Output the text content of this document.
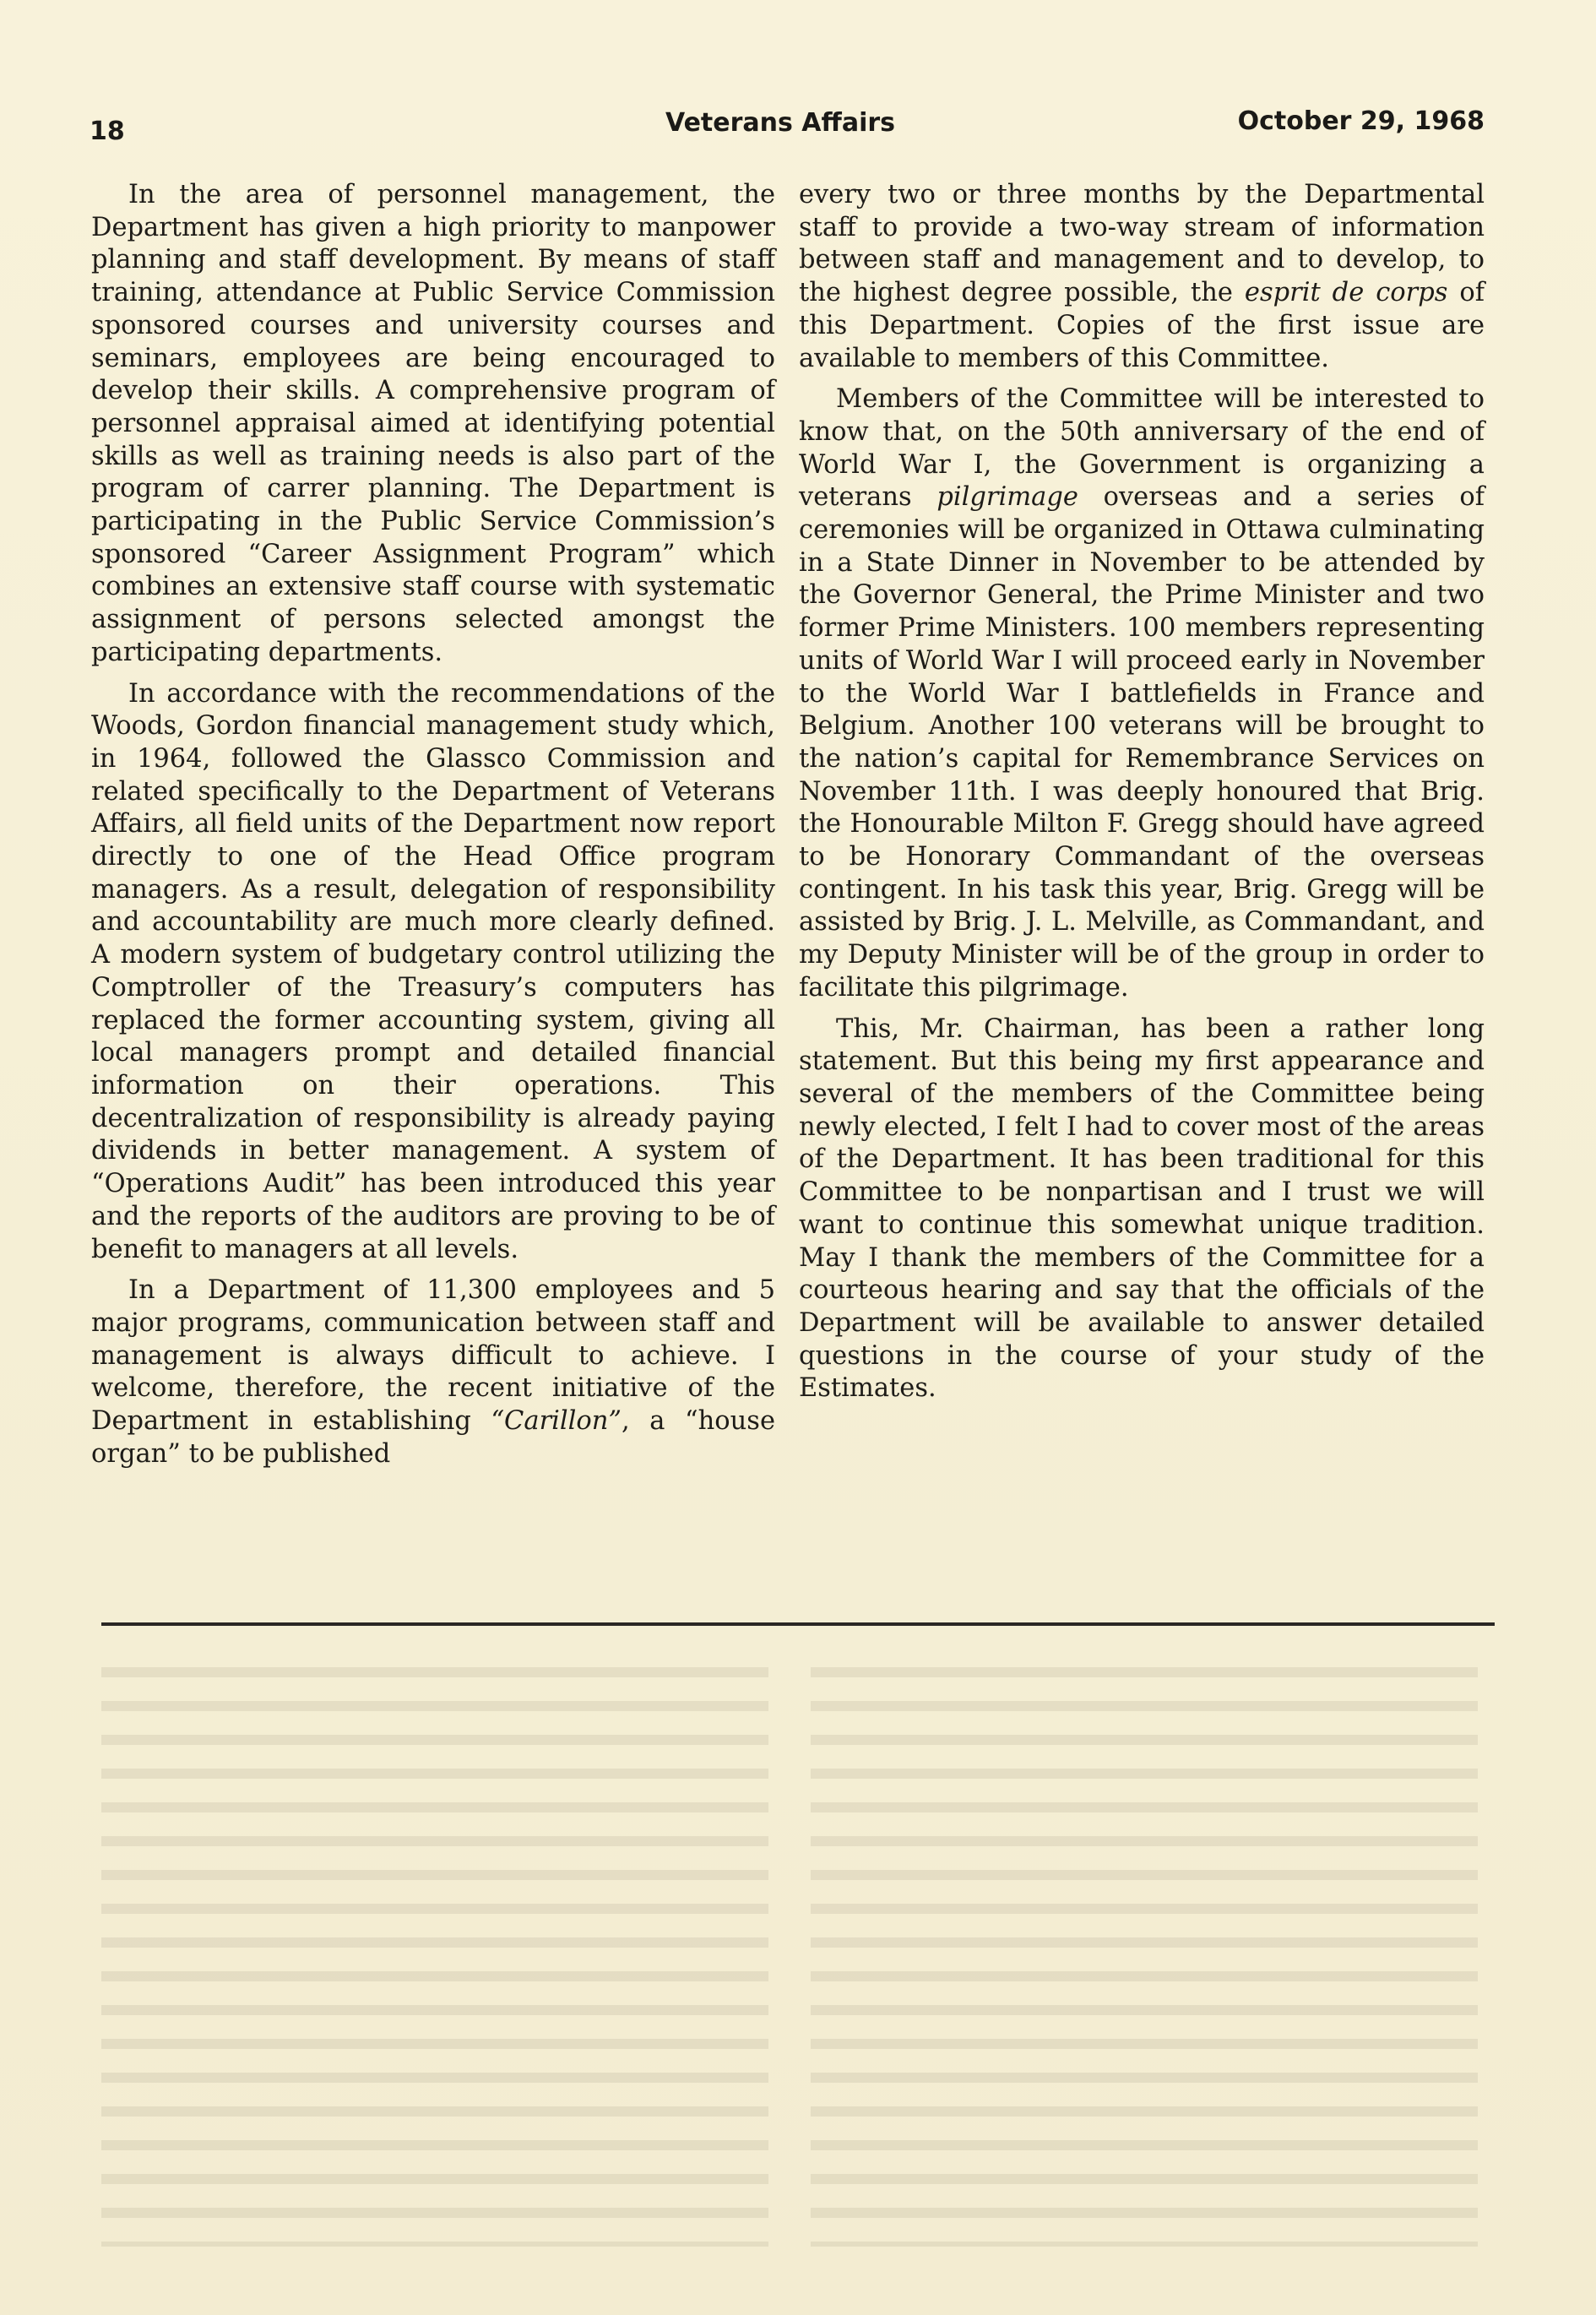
18	Veterans Affairs	October 29, 1968

In the area of personnel management, the Department has given a high priority to manpower planning and staff development. By means of staff training, attendance at Public Service Commission sponsored courses and university courses and seminars, employees are being encouraged to develop their skills. A comprehensive program of personnel appraisal aimed at identifying potential skills as well as training needs is also part of the program of carrer planning. The Department is participating in the Public Service Commission’s sponsored “Career Assignment Program” which combines an extensive staff course with systematic assignment of persons selected amongst the participating departments.

In accordance with the recommendations of the Woods, Gordon financial management study which, in 1964, followed the Glassco Commission and related specifically to the Department of Veterans Affairs, all field units of the Department now report directly to one of the Head Office program managers. As a result, delegation of responsibility and accountability are much more clearly defined. A modern system of budgetary control utilizing the Comptroller of the Treasury’s computers has replaced the former accounting system, giving all local managers prompt and detailed financial information on their operations. This decentralization of responsibility is already paying dividends in better management. A system of “Operations Audit” has been introduced this year and the reports of the auditors are proving to be of benefit to managers at all levels.

In a Department of 11,300 employees and 5 major programs, communication between staff and management is always difficult to achieve. I welcome, therefore, the recent initiative of the Department in establishing “Carillon”, a “house organ” to be published

every two or three months by the Departmental staff to provide a two-way stream of information between staff and management and to develop, to the highest degree possible, the esprit de corps of this Department. Copies of the first issue are available to members of this Committee.

Members of the Committee will be interested to know that, on the 50th anniversary of the end of World War I, the Government is organizing a veterans pilgrimage overseas and a series of ceremonies will be organized in Ottawa culminating in a State Dinner in November to be attended by the Governor General, the Prime Minister and two former Prime Ministers. 100 members representing units of World War I will proceed early in November to the World War I battlefields in France and Belgium. Another 100 veterans will be brought to the nation’s capital for Remembrance Services on November 11th. I was deeply honoured that Brig. the Honourable Milton F. Gregg should have agreed to be Honorary Commandant of the overseas contingent. In his task this year, Brig. Gregg will be assisted by Brig. J. L. Melville, as Commandant, and my Deputy Minister will be of the group in order to facilitate this pilgrimage.

This, Mr. Chairman, has been a rather long statement. But this being my first appearance and several of the members of the Committee being newly elected, I felt I had to cover most of the areas of the Department. It has been traditional for this Committee to be nonpartisan and I trust we will want to continue this somewhat unique tradition. May I thank the members of the Committee for a courteous hearing and say that the officials of the Department will be available to answer detailed questions in the course of your study of the Estimates.
